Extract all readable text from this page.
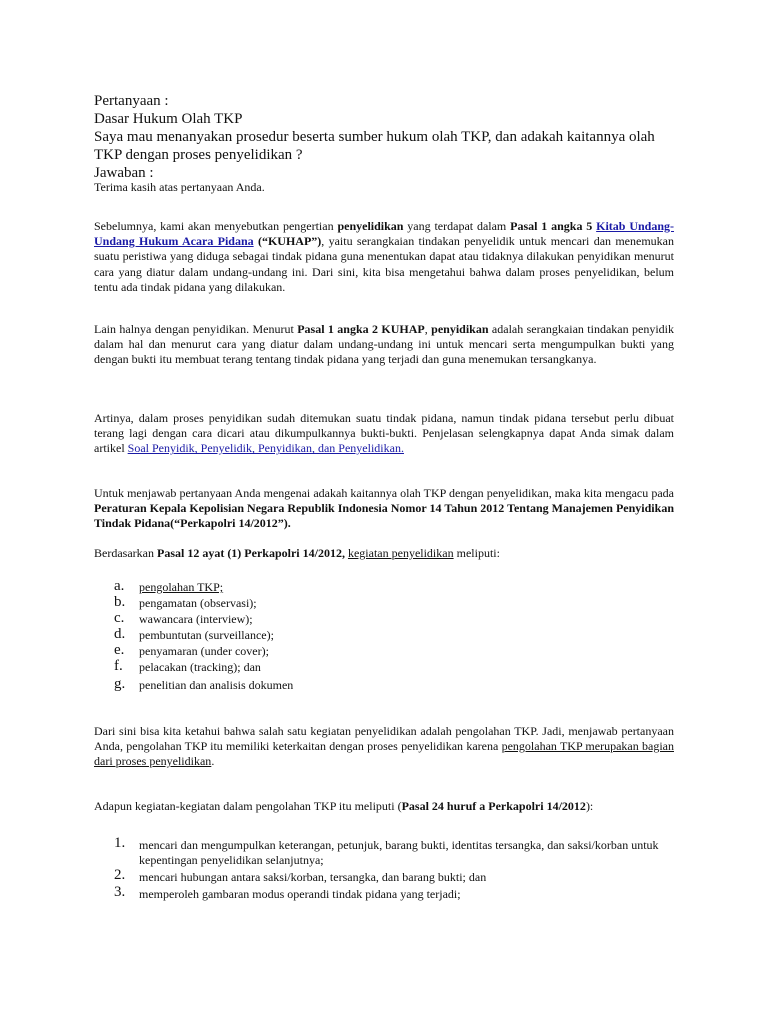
Pertanyaan :
Dasar Hukum Olah TKP
Saya mau menanyakan prosedur beserta sumber hukum olah TKP, dan adakah kaitannya olah TKP dengan proses penyelidikan ?
Jawaban :
Terima kasih atas pertanyaan Anda.
Sebelumnya, kami akan menyebutkan pengertian penyelidikan yang terdapat dalam Pasal 1 angka 5 Kitab Undang-Undang Hukum Acara Pidana (“KUHAP”), yaitu serangkaian tindakan penyelidik untuk mencari dan menemukan suatu peristiwa yang diduga sebagai tindak pidana guna menentukan dapat atau tidaknya dilakukan penyidikan menurut cara yang diatur dalam undang-undang ini. Dari sini, kita bisa mengetahui bahwa dalam proses penyelidikan, belum tentu ada tindak pidana yang dilakukan.
Lain halnya dengan penyidikan. Menurut Pasal 1 angka 2 KUHAP, penyidikan adalah serangkaian tindakan penyidik dalam hal dan menurut cara yang diatur dalam undang-undang ini untuk mencari serta mengumpulkan bukti yang dengan bukti itu membuat terang tentang tindak pidana yang terjadi dan guna menemukan tersangkanya.
Artinya, dalam proses penyidikan sudah ditemukan suatu tindak pidana, namun tindak pidana tersebut perlu dibuat terang lagi dengan cara dicari atau dikumpulkannya bukti-bukti. Penjelasan selengkapnya dapat Anda simak dalam artikel Soal Penyidik, Penyelidik, Penyidikan, dan Penyelidikan.
Untuk menjawab pertanyaan Anda mengenai adakah kaitannya olah TKP dengan penyelidikan, maka kita mengacu pada Peraturan Kepala Kepolisian Negara Republik Indonesia Nomor 14 Tahun 2012 Tentang Manajemen Penyidikan Tindak Pidana(“Perkapolri 14/2012”).
Berdasarkan Pasal 12 ayat (1) Perkapolri 14/2012, kegiatan penyelidikan meliputi:
a. pengolahan TKP;
b. pengamatan (observasi);
c. wawancara (interview);
d. pembuntutan (surveillance);
e. penyamaran (under cover);
f. pelacakan (tracking); dan
g. penelitian dan analisis dokumen
Dari sini bisa kita ketahui bahwa salah satu kegiatan penyelidikan adalah pengolahan TKP. Jadi, menjawab pertanyaan Anda, pengolahan TKP itu memiliki keterkaitan dengan proses penyelidikan karena pengolahan TKP merupakan bagian dari proses penyelidikan.
Adapun kegiatan-kegiatan dalam pengolahan TKP itu meliputi (Pasal 24 huruf a Perkapolri 14/2012):
1. mencari dan mengumpulkan keterangan, petunjuk, barang bukti, identitas tersangka, dan saksi/korban untuk kepentingan penyelidikan selanjutnya;
2. mencari hubungan antara saksi/korban, tersangka, dan barang bukti; dan
3. memperoleh gambaran modus operandi tindak pidana yang terjadi;
